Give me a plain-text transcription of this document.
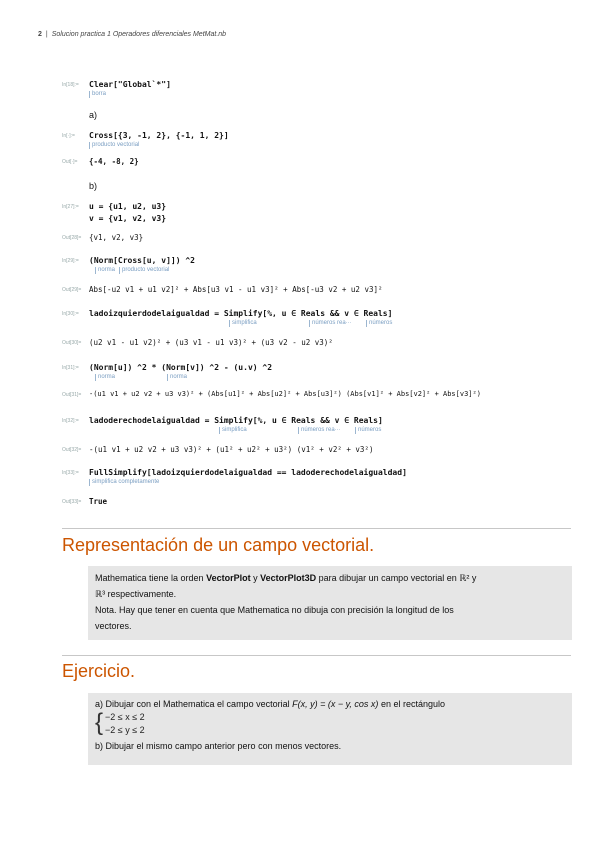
2 | Solucion practica 1 Operadores diferenciales MetMat.nb
In[18]:= Clear["Global`*"]
borra
a)
In[·]:= Cross[{3, -1, 2}, {-1, 1, 2}]
producto vectorial
Out[·]= {-4, -8, 2}
b)
In[27]:= u = {u1, u2, u3}
v = {v1, v2, v3}
Out[28]= {v1, v2, v3}
In[29]:= (Norm[Cross[u, v]]) ^2
norma	producto vectorial
Out[29]= Abs[-u2 v1 + u1 v2]² + Abs[u3 v1 - u1 v3]² + Abs[-u3 v2 + u2 v3]²
In[30]:= ladoizquierdodelaigualdad = Simplify[%, u ∈ Reals && v ∈ Reals]
simplifica	números rea···	números
Out[30]= (u2 v1 - u1 v2)² + (u3 v1 - u1 v3)² + (u3 v2 - u2 v3)²
In[31]:= (Norm[u]) ^2 * (Norm[v]) ^2 - (u.v) ^2
norma	norma
Out[31]= -(u1 v1 + u2 v2 + u3 v3)² + (Abs[u1]² + Abs[u2]² + Abs[u3]²) (Abs[v1]² + Abs[v2]² + Abs[v3]²)
In[32]:= ladoderechodelaigualdad = Simplify[%, u ∈ Reals && v ∈ Reals]
simplifica	números rea···	números
Out[32]= -(u1 v1 + u2 v2 + u3 v3)² + (u1² + u2² + u3²) (v1² + v2² + v3²)
In[33]:= FullSimplify[ladoizquierdodelaigualdad == ladoderechodelaigualdad]
simplifica completamente
Out[33]= True
Representación de un campo vectorial.

Mathematica tiene la orden VectorPlot y VectorPlot3D para dibujar un campo vectorial en ℝ² y

ℝ³ respectivamente.

Nota. Hay que tener en cuenta que Mathematica no dibuja con precisión la longitud de los

vectores.

Ejercicio.

a) Dibujar con el Mathematica el campo vectorial F(x, y) = (x − y, cos x) en el rectángulo

{ −2 ≤ x ≤ 2
−2 ≤ y ≤ 2

b) Dibujar el mismo campo anterior pero con menos vectores.
